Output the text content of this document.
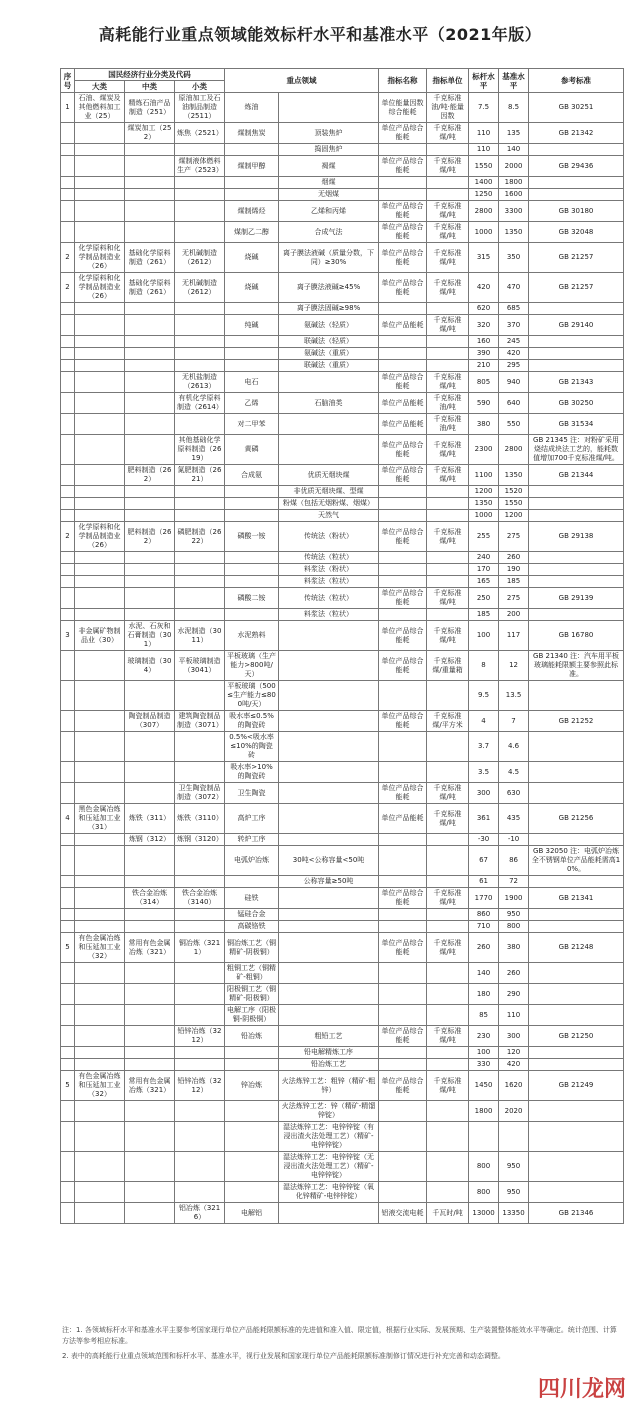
高耗能行业重点领域能效标杆水平和基准水平（2021年版）
序号	国民经济行业分类及代码			重点领域		指标名称	指标单位	标杆水平	基准水平	参考标准
	大类	中类	小类							
1	石油、煤炭及其他燃料加工业（25）	精炼石油产品制造（251）	原油加工及石油制品制造（2511）	炼油		单位能量因数综合能耗	千克标准油/吨·能量因数	7.5	8.5	GB 30251
		煤炭加工（252）	炼焦（2521）	煤制焦炭	顶装焦炉	单位产品综合能耗	千克标准煤/吨	110	135	GB 21342
					捣固焦炉			110	140	
			煤制液体燃料生产（2523）	煤制甲醇	褐煤	单位产品综合能耗	千克标准煤/吨	1550	2000	GB 29436
					烟煤			1400	1800	
					无烟煤			1250	1600	
				煤制烯烃	乙烯和丙烯	单位产品综合能耗	千克标准煤/吨	2800	3300	GB 30180
				煤制乙二醇	合成气法	单位产品综合能耗	千克标准煤/吨	1000	1350	GB 32048
2	化学原料和化学制品制造业（26）	基础化学原料制造（261）	无机碱制造（2612）	烧碱	离子膜法液碱（质量分数，下同）≥30%	单位产品综合能耗	千克标准煤/吨	315	350	GB 21257
2	化学原料和化学制品制造业（26）	基础化学原料制造（261）	无机碱制造（2612）	烧碱	离子膜法液碱≥45%	单位产品综合能耗	千克标准煤/吨	420	470	GB 21257
					离子膜法固碱≥98%			620	685	
				纯碱	氨碱法（轻质）	单位产品能耗	千克标准煤/吨	320	370	GB 29140
					联碱法（轻质）			160	245	
					氨碱法（重质）			390	420	
					联碱法（重质）			210	295	
			无机盐制造（2613）	电石		单位产品综合能耗	千克标准煤/吨	805	940	GB 21343
			有机化学原料制造（2614）	乙烯	石脑油类	单位产品能耗	千克标准油/吨	590	640	GB 30250
				对二甲苯		单位产品能耗	千克标准油/吨	380	550	GB 31534
			其他基础化学原料制造（2619）	黄磷		单位产品综合能耗	千克标准煤/吨	2300	2800	GB 21345 注：对粉矿采用烧结成块法工艺的，能耗数值增加700千克标准煤/吨。
		肥料制造（262）	氮肥制造（2621）	合成氨	优质无烟块煤	单位产品综合能耗	千克标准煤/吨	1100	1350	GB 21344
					非优质无烟块煤、型煤			1200	1520	
					粉煤（包括无烟粉煤、烟煤）			1350	1550	
					天然气			1000	1200	
2	化学原料和化学制品制造业（26）	肥料制造（262）	磷肥制造（2622）	磷酸一铵	传统法（粉状）	单位产品综合能耗	千克标准煤/吨	255	275	GB 29138
					传统法（粒状）			240	260	
					料浆法（粉状）			170	190	
					料浆法（粒状）			165	185	
				磷酸二铵	传统法（粒状）	单位产品综合能耗	千克标准煤/吨	250	275	GB 29139
					料浆法（粒状）			185	200	
3	非金属矿物制品业（30）	水泥、石灰和石膏制造（301）	水泥制造（3011）	水泥熟料		单位产品综合能耗	千克标准煤/吨	100	117	GB 16780
		玻璃制造（304）	平板玻璃制造（3041）	平板玻璃（生产能力>800吨/天）		单位产品综合能耗	千克标准煤/重量箱	8	12	GB 21340 注：汽车用平板玻璃能耗限额主要参照此标准。
				平板玻璃（500≤生产能力≤800吨/天）				9.5	13.5	
		陶瓷制品制造（307）	建筑陶瓷制品制造（3071）	吸水率≤0.5%的陶瓷砖		单位产品综合能耗	千克标准煤/平方米	4	7	GB 21252
				0.5%<吸水率≤10%的陶瓷砖				3.7	4.6	
				吸水率>10%的陶瓷砖				3.5	4.5	
			卫生陶瓷制品制造（3072）	卫生陶瓷		单位产品综合能耗	千克标准煤/吨	300	630	
4	黑色金属冶炼和压延加工业（31）	炼铁（311）	炼铁（3110）	高炉工序		单位产品能耗	千克标准煤/吨	361	435	GB 21256
		炼钢（312）	炼钢（3120）	转炉工序				-30	-10	
				电弧炉冶炼	30吨<公称容量<50吨			67	86	GB 32050 注：电弧炉冶炼全不锈钢单位产品能耗需高10%。
					公称容量≥50吨			61	72	
		铁合金冶炼（314）	铁合金冶炼（3140）	硅铁		单位产品综合能耗	千克标准煤/吨	1770	1900	GB 21341
				锰硅合金				860	950	
				高碳铬铁				710	800	
5	有色金属冶炼和压延加工业（32）	常用有色金属冶炼（321）	铜冶炼（3211）	铜冶炼工艺（铜精矿-阴极铜）		单位产品综合能耗	千克标准煤/吨	260	380	GB 21248
				粗铜工艺（铜精矿-粗铜）				140	260	
				阳极铜工艺（铜精矿-阳极铜）				180	290	
				电解工序（阳极铜-阴极铜）				85	110	
			铅锌冶炼（3212）	铅冶炼	粗铅工艺	单位产品综合能耗	千克标准煤/吨	230	300	GB 21250
					铅电解精炼工序			100	120	
					铅冶炼工艺			330	420	
5	有色金属冶炼和压延加工业（32）	常用有色金属冶炼（321）	铅锌冶炼（3212）	锌冶炼	火法炼锌工艺：粗锌（精矿-粗锌）	单位产品综合能耗	千克标准煤/吨	1450	1620	GB 21249
					火法炼锌工艺：锌（精矿-精馏锌锭）			1800	2020	
					湿法炼锌工艺：电锌锌锭（有浸出渣火法处理工艺）（精矿-电锌锌锭）					
					湿法炼锌工艺：电锌锌锭（无浸出渣火法处理工艺）（精矿-电锌锌锭）			800	950	
					湿法炼锌工艺：电锌锌锭（氧化锌精矿-电锌锌锭）			800	950	
			铝冶炼（3216）	电解铝		铝液交流电耗	千瓦时/吨	13000	13350	GB 21346

注：1. 各领域标杆水平和基准水平主要参考国家现行单位产品能耗限额标准的先进值和准入值、限定值，根据行业实际、发展预期、生产装置整体能效水平等确定。统计范围、计算方法等参考相应标准。

2. 表中的高耗能行业重点领域范围和标杆水平、基准水平，视行业发展和国家现行单位产品能耗限额标准制修订情况进行补充完善和动态调整。

四川龙网
